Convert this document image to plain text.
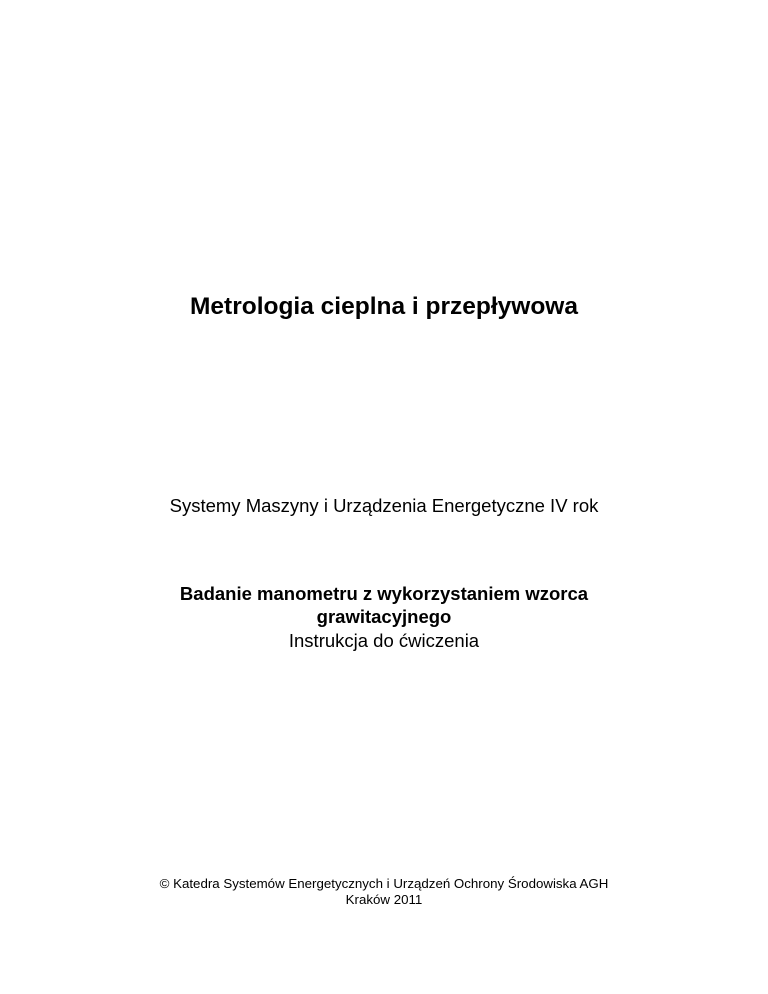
Metrologia cieplna i przepływowa
Systemy Maszyny i Urządzenia Energetyczne IV rok
Badanie manometru z wykorzystaniem wzorca
grawitacyjnego
Instrukcja do ćwiczenia
© Katedra Systemów Energetycznych i Urządzeń Ochrony Środowiska AGH
Kraków 2011
